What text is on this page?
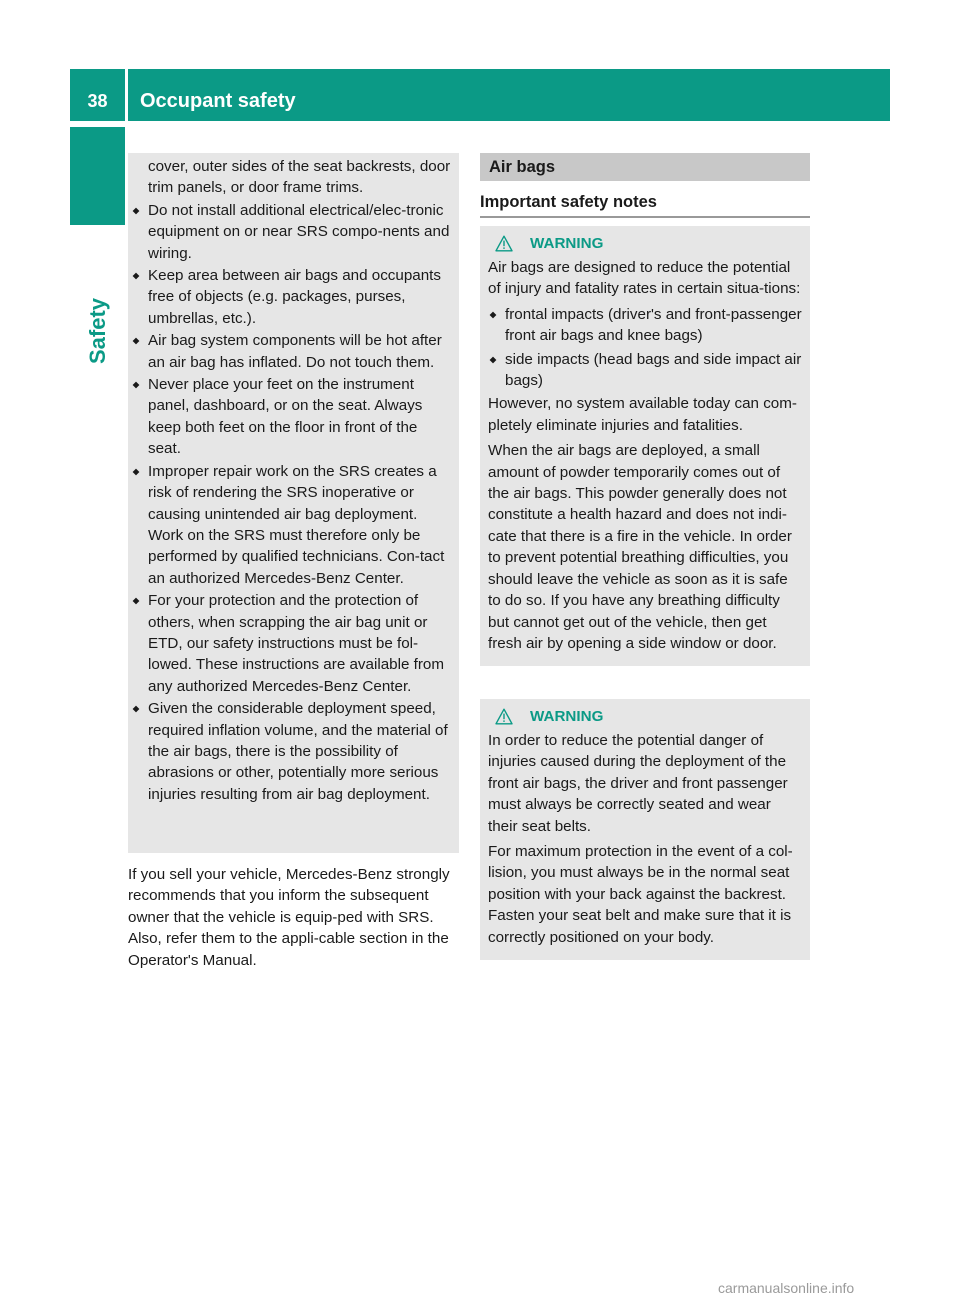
38	Occupant safety
Safety
cover, outer sides of the seat backrests, door trim panels, or door frame trims.
Do not install additional electrical/elec-tronic equipment on or near SRS compo-nents and wiring.
Keep area between air bags and occupants free of objects (e.g. packages, purses, umbrellas, etc.).
Air bag system components will be hot after an air bag has inflated. Do not touch them.
Never place your feet on the instrument panel, dashboard, or on the seat. Always keep both feet on the floor in front of the seat.
Improper repair work on the SRS creates a risk of rendering the SRS inoperative or causing unintended air bag deployment. Work on the SRS must therefore only be performed by qualified technicians. Con-tact an authorized Mercedes-Benz Center.
For your protection and the protection of others, when scrapping the air bag unit or ETD, our safety instructions must be fol-lowed. These instructions are available from any authorized Mercedes-Benz Center.
Given the considerable deployment speed, required inflation volume, and the material of the air bags, there is the possibility of abrasions or other, potentially more serious injuries resulting from air bag deployment.

If you sell your vehicle, Mercedes-Benz strongly recommends that you inform the subsequent owner that the vehicle is equip-ped with SRS. Also, refer them to the appli-cable section in the Operator's Manual.

Air bags
Important safety notes
WARNING

Air bags are designed to reduce the potential of injury and fatality rates in certain situa-tions:

frontal impacts (driver's and front-passenger front air bags and knee bags)
side impacts (head bags and side impact air bags)

However, no system available today can com-pletely eliminate injuries and fatalities.

When the air bags are deployed, a small amount of powder temporarily comes out of the air bags. This powder generally does not constitute a health hazard and does not indi-cate that there is a fire in the vehicle. In order to prevent potential breathing difficulties, you should leave the vehicle as soon as it is safe to do so. If you have any breathing difficulty but cannot get out of the vehicle, then get fresh air by opening a side window or door.

WARNING

In order to reduce the potential danger of injuries caused during the deployment of the front air bags, the driver and front passenger must always be correctly seated and wear their seat belts.

For maximum protection in the event of a col-lision, you must always be in the normal seat position with your back against the backrest. Fasten your seat belt and make sure that it is correctly positioned on your body.

carmanualsonline.info
